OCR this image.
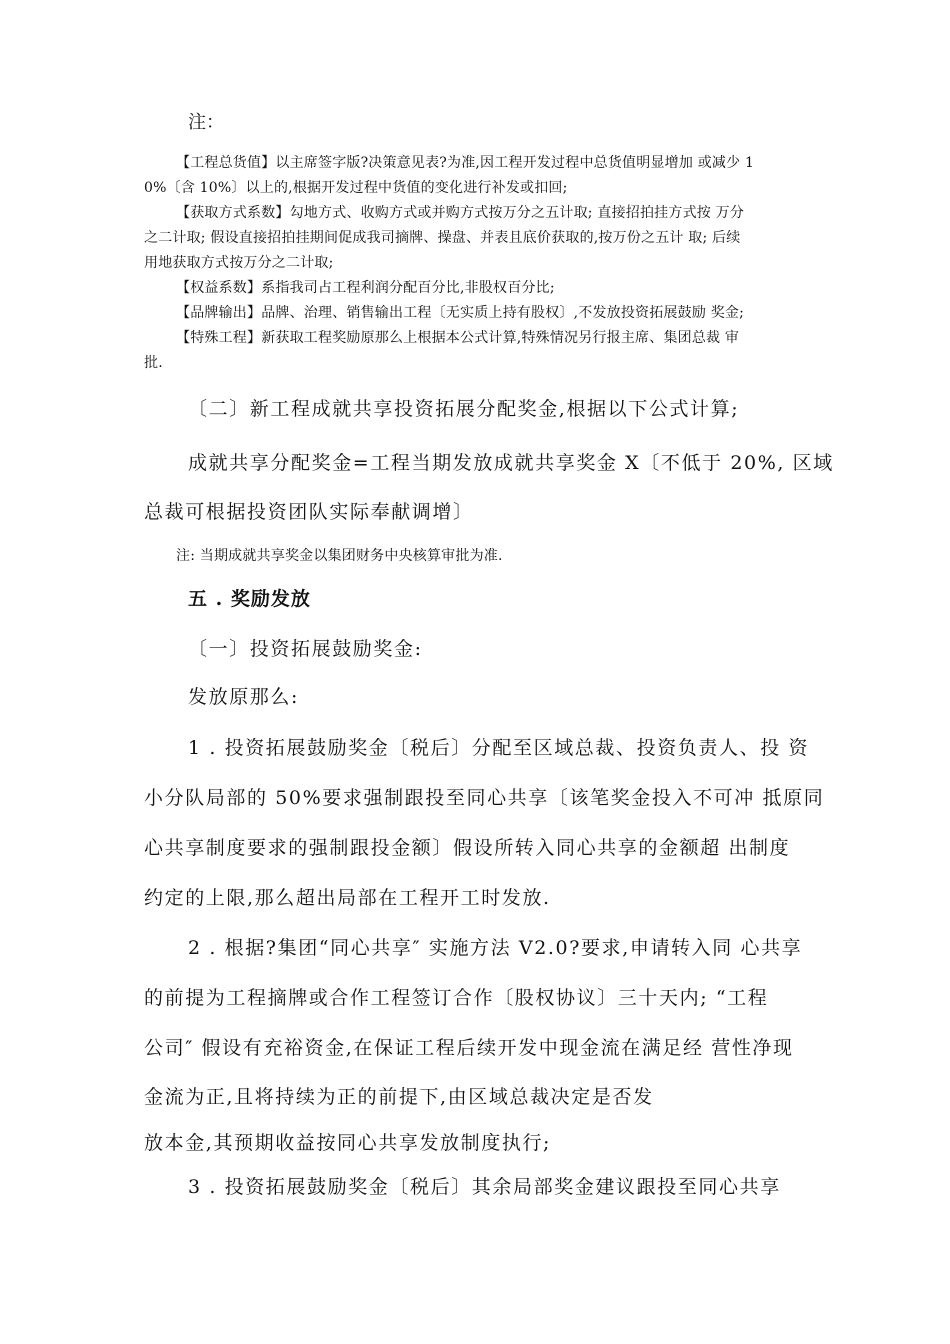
注：
【工程总货值】以主席签字版?决策意见表?为准,因工程开发过程中总货值明显增加 或减少 1
0%〔含 10%〕以上的,根据开发过程中货值的变化进行补发或扣回;
【获取方式系数】勾地方式、收购方式或并购方式按万分之五计取; 直接招拍挂方式按 万分
之二计取; 假设直接招拍挂期间促成我司摘牌、操盘、并表且底价获取的,按万份之五计 取; 后续
用地获取方式按万分之二计取;
【权益系数】系指我司占工程利润分配百分比,非股权百分比;
【品牌输出】品牌、治理、销售输出工程〔无实质上持有股权〕,不发放投资拓展鼓励 奖金;
【特殊工程】新获取工程奖励原那么上根据本公式计算,特殊情况另行报主席、集团总裁 审
批.
〔二〕新工程成就共享投资拓展分配奖金,根据以下公式计算;
成就共享分配奖金=工程当期发放成就共享奖金 X〔不低于 20%, 区域
总裁可根据投资团队实际奉献调增〕
注: 当期成就共享奖金以集团财务中央核算审批为准.
五 . 奖励发放
〔一〕投资拓展鼓励奖金:
发放原那么:
1 . 投资拓展鼓励奖金〔税后〕分配至区域总裁、投资负责人、投 资
小分队局部的 50%要求强制跟投至同心共享〔该笔奖金投入不可冲 抵原同
心共享制度要求的强制跟投金额〕假设所转入同心共享的金额超 出制度
约定的上限,那么超出局部在工程开工时发放.
2 . 根据?集团“同心共享″ 实施方法 V2.0?要求,申请转入同 心共享
的前提为工程摘牌或合作工程签订合作〔股权协议〕三十天内; “工程
公司″ 假设有充裕资金,在保证工程后续开发中现金流在满足经 营性净现
金流为正,且将持续为正的前提下,由区域总裁决定是否发
放本金,其预期收益按同心共享发放制度执行;
3 . 投资拓展鼓励奖金〔税后〕其余局部奖金建议跟投至同心共享
